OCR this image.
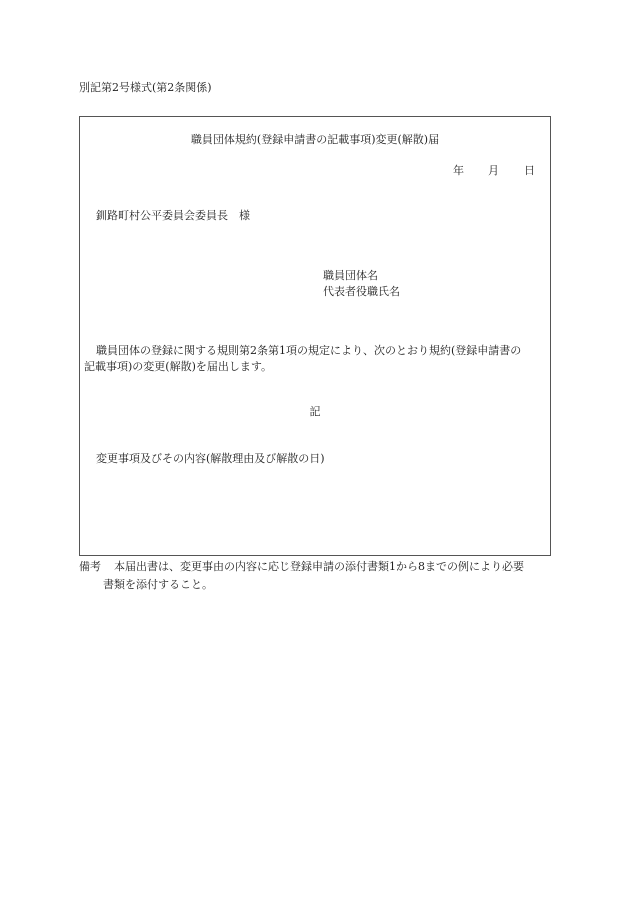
別記第2号様式(第2条関係)
職員団体規約(登録申請書の記載事項)変更(解散)届
年 月 日
釧路町村公平委員会委員長　様
職員団体名
代表者役職氏名
職員団体の登録に関する規則第2条第1項の規定により、次のとおり規約(登録申請書の
記載事項)の変更(解散)を届出します。
記
変更事項及びその内容(解散理由及び解散の日)
備考 本届出書は、変更事由の内容に応じ登録申請の添付書類1から8までの例により必要
書類を添付すること。
